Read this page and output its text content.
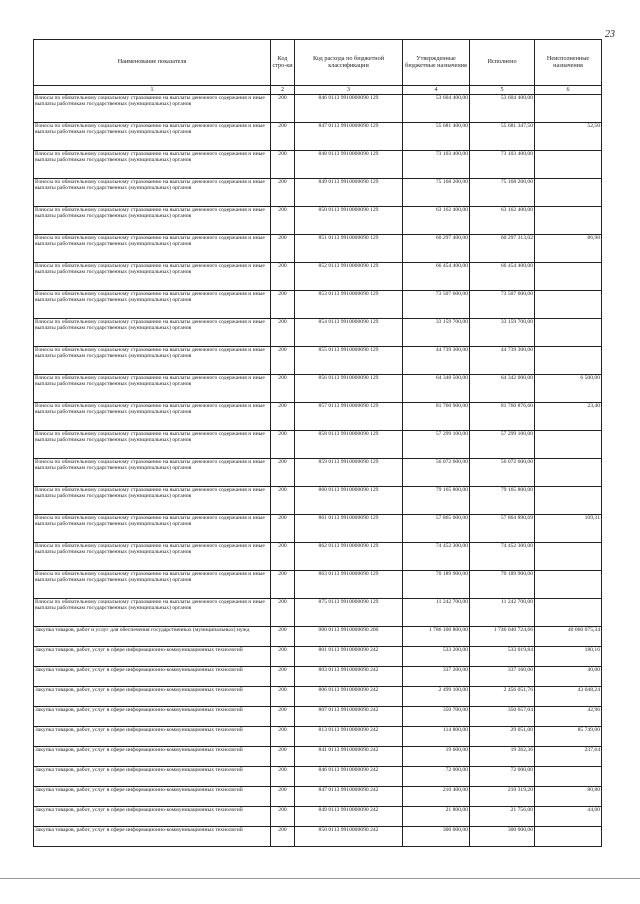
23
Наименование показателя	Код стро-ки	Код расхода по бюджетной классификации	Утвержденные бюджетные назначения	Исполнено	Неисполненные назначения
1	2	3	4	5	6
Взносы по обязательному социальному страхованию на выплаты денежного содержания и иные выплаты работникам государственных (муниципальных) органов	200	846 0113 9910000090 129	53 604 400,00	53 604 400,00	
Взносы по обязательному социальному страхованию на выплаты денежного содержания и иные выплаты работникам государственных (муниципальных) органов	200	847 0113 9910000090 129	55 681 400,00	55 681 347,50	52,50
Взносы по обязательному социальному страхованию на выплаты денежного содержания и иные выплаты работникам государственных (муниципальных) органов	200	848 0113 9910000090 129	73 103 400,00	73 103 400,00	
Взносы по обязательному социальному страхованию на выплаты денежного содержания и иные выплаты работникам государственных (муниципальных) органов	200	849 0113 9910000090 129	75 168 200,00	75 168 200,00	
Взносы по обязательному социальному страхованию на выплаты денежного содержания и иные выплаты работникам государственных (муниципальных) органов	200	850 0113 9910000090 129	63 162 400,00	63 162 400,00	
Взносы по обязательному социальному страхованию на выплаты денежного содержания и иные выплаты работникам государственных (муниципальных) органов	200	851 0113 9910000090 129	60 297 400,00	60 297 313,02	86,98
Взносы по обязательному социальному страхованию на выплаты денежного содержания и иные выплаты работникам государственных (муниципальных) органов	200	852 0113 9910000090 129	66 454 400,00	66 454 400,00	
Взносы по обязательному социальному страхованию на выплаты денежного содержания и иные выплаты работникам государственных (муниципальных) органов	200	853 0113 9910000090 129	73 507 600,00	73 507 600,00	
Взносы по обязательному социальному страхованию на выплаты денежного содержания и иные выплаты работникам государственных (муниципальных) органов	200	854 0113 9910000090 129	33 159 700,00	33 159 700,00	
Взносы по обязательному социальному страхованию на выплаты денежного содержания и иные выплаты работникам государственных (муниципальных) органов	200	855 0113 9910000090 129	44 739 300,00	44 739 300,00	
Взносы по обязательному социальному страхованию на выплаты денежного содержания и иные выплаты работникам государственных (муниципальных) органов	200	856 0113 9910000090 129	64 348 500,00	64 342 000,00	6 500,00
Взносы по обязательному социальному страхованию на выплаты денежного содержания и иные выплаты работникам государственных (муниципальных) органов	200	857 0113 9910000090 129	81 760 900,00	81 760 876,60	23,40
Взносы по обязательному социальному страхованию на выплаты денежного содержания и иные выплаты работникам государственных (муниципальных) органов	200	858 0113 9910000090 129	57 299 100,00	57 299 100,00	
Взносы по обязательному социальному страхованию на выплаты денежного содержания и иные выплаты работникам государственных (муниципальных) органов	200	859 0113 9910000090 129	56 072 600,00	56 072 600,00	
Взносы по обязательному социальному страхованию на выплаты денежного содержания и иные выплаты работникам государственных (муниципальных) органов	200	860 0113 9910000090 129	79 165 800,00	79 165 800,00	
Взносы по обязательному социальному страхованию на выплаты денежного содержания и иные выплаты работникам государственных (муниципальных) органов	200	861 0113 9910000090 129	57 865 000,00	57 864 890,69	109,31
Взносы по обязательному социальному страхованию на выплаты денежного содержания и иные выплаты работникам государственных (муниципальных) органов	200	862 0113 9910000090 129	74 452 300,00	74 452 300,00	
Взносы по обязательному социальному страхованию на выплаты денежного содержания и иные выплаты работникам государственных (муниципальных) органов	200	863 0113 9910000090 129	70 189 900,00	70 189 900,00	
Взносы по обязательному социальному страхованию на выплаты денежного содержания и иные выплаты работникам государственных (муниципальных) органов	200	875 0113 9910000090 129	11 242 700,00	11 242 700,00	
Закупка товаров, работ и услуг для обеспечения государственных (муниципальных) нужд	200	000 0113 9910000090 200	1 786 100 800,00	1 746 040 724,66	40 060 075,34
Закупка товаров, работ, услуг в сфере информационно-коммуникационных технологий	200	801 0113 9910000090 242	533 200,00	533 019,84	180,16
Закупка товаров, работ, услуг в сфере информационно-коммуникационных технологий	200	803 0113 9910000090 242	337 200,00	337 160,00	40,00
Закупка товаров, работ, услуг в сфере информационно-коммуникационных технологий	200	806 0113 9910000090 242	2 499 100,00	2 456 051,76	43 048,24
Закупка товаров, работ, услуг в сфере информационно-коммуникационных технологий	200	807 0113 9910000090 242	350 700,00	350 657,04	42,96
Закупка товаров, работ, услуг в сфере информационно-коммуникационных технологий	200	813 0113 9910000090 242	114 800,00	29 051,00	85 749,00
Закупка товаров, работ, услуг в сфере информационно-коммуникационных технологий	200	841 0113 9910000090 242	19 600,00	19 362,36	237,64
Закупка товаров, работ, услуг в сфере информационно-коммуникационных технологий	200	846 0113 9910000090 242	72 000,00	72 000,00	
Закупка товаров, работ, услуг в сфере информационно-коммуникационных технологий	200	847 0113 9910000090 242	210 400,00	210 319,20	80,80
Закупка товаров, работ, услуг в сфере информационно-коммуникационных технологий	200	849 0113 9910000090 242	21 800,00	21 756,00	44,00
Закупка товаров, работ, услуг в сфере информационно-коммуникационных технологий	200	850 0113 9910000090 242	300 000,00	300 000,00	
